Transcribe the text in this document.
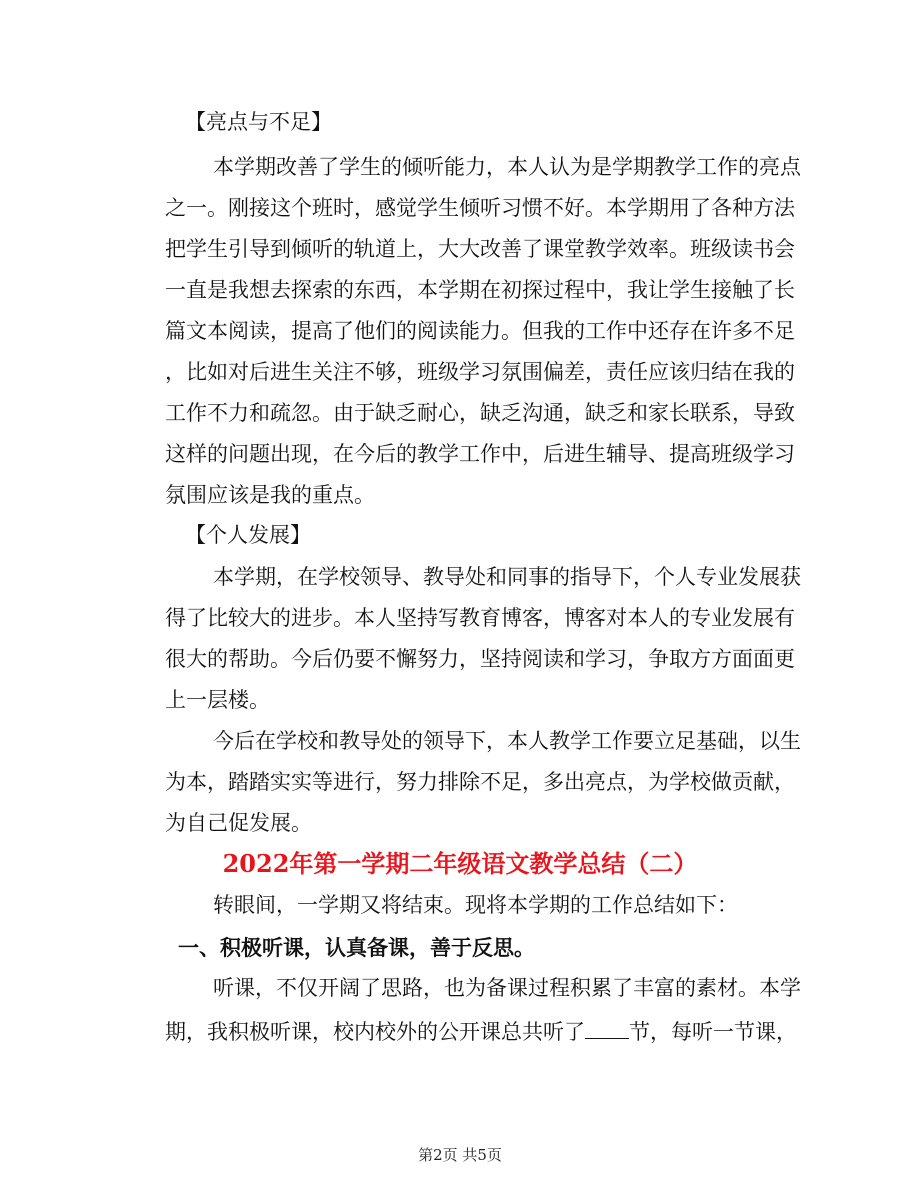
【亮点与不足】
本学期改善了学生的倾听能力，本人认为是学期教学工作的亮点
之一。刚接这个班时，感觉学生倾听习惯不好。本学期用了各种方法
把学生引导到倾听的轨道上，大大改善了课堂教学效率。班级读书会
一直是我想去探索的东西，本学期在初探过程中，我让学生接触了长
篇文本阅读，提高了他们的阅读能力。但我的工作中还存在许多不足
，比如对后进生关注不够，班级学习氛围偏差，责任应该归结在我的
工作不力和疏忽。由于缺乏耐心，缺乏沟通，缺乏和家长联系，导致
这样的问题出现，在今后的教学工作中，后进生辅导、提高班级学习
氛围应该是我的重点。
【个人发展】
本学期，在学校领导、教导处和同事的指导下，个人专业发展获
得了比较大的进步。本人坚持写教育博客，博客对本人的专业发展有
很大的帮助。今后仍要不懈努力，坚持阅读和学习，争取方方面面更
上一层楼。
今后在学校和教导处的领导下，本人教学工作要立足基础，以生
为本，踏踏实实等进行，努力排除不足，多出亮点，为学校做贡献，
为自己促发展。
2022年第一学期二年级语文教学总结（二）
转眼间，一学期又将结束。现将本学期的工作总结如下：
一、积极听课，认真备课，善于反思。
听课，不仅开阔了思路，也为备课过程积累了丰富的素材。本学
期，我积极听课，校内校外的公开课总共听了 节，每听一节课，
第2页 共5页
